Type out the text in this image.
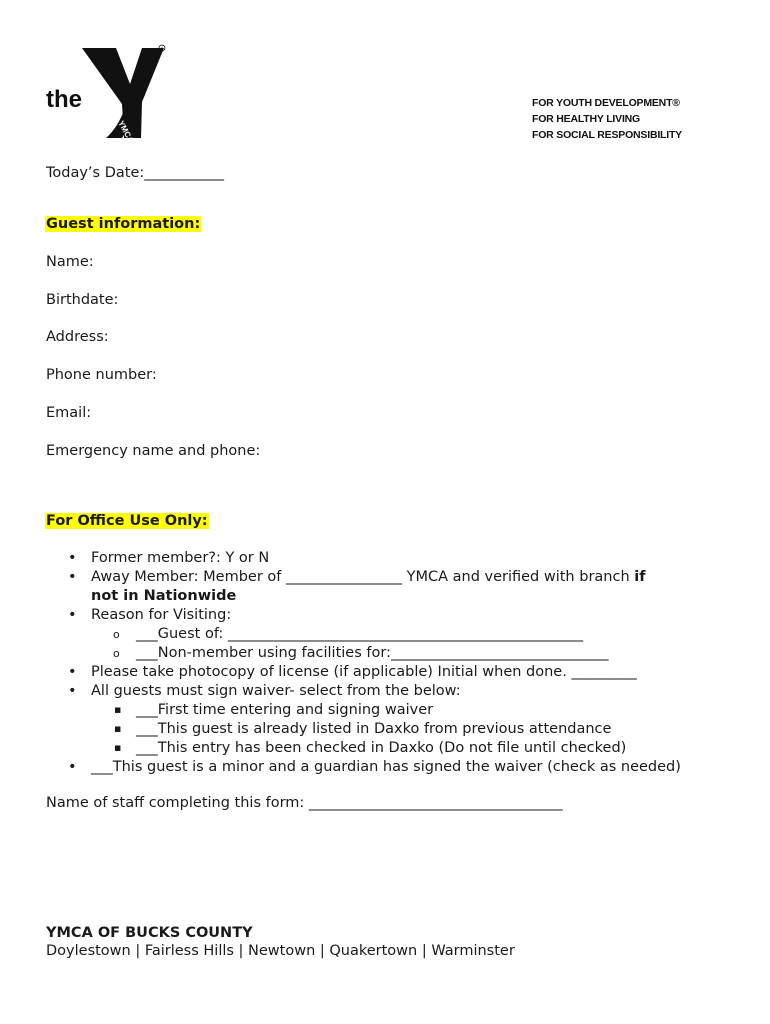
the
R
YMCA
FOR YOUTH DEVELOPMENT®
FOR HEALTHY LIVING
FOR SOCIAL RESPONSIBILITY
Today’s Date:___________
Guest information:
Name:
Birthdate:
Address:
Phone number:
Email:
Emergency name and phone:
For Office Use Only:
• Former member?: Y or N
• Away Member: Member of ________________ YMCA and verified with branch if
not in Nationwide
• Reason for Visiting:
o ___Guest of: _________________________________________________
o ___Non-member using facilities for:______________________________
• Please take photocopy of license (if applicable) Initial when done. _________
• All guests must sign waiver- select from the below:
▪ ___First time entering and signing waiver
▪ ___This guest is already listed in Daxko from previous attendance
▪ ___This entry has been checked in Daxko (Do not file until checked)
• ___This guest is a minor and a guardian has signed the waiver (check as needed)
Name of staff completing this form: ___________________________________
YMCA OF BUCKS COUNTY
Doylestown | Fairless Hills | Newtown | Quakertown | Warminster
